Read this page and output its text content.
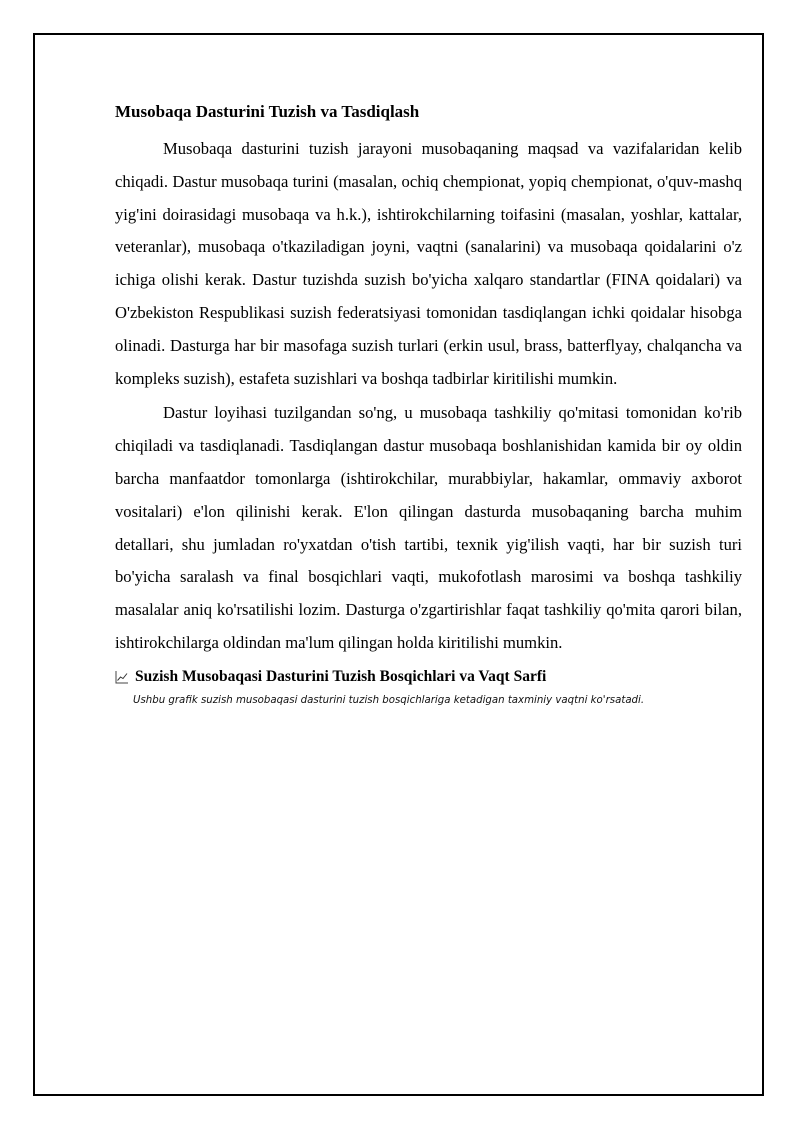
Musobaqa Dasturini Tuzish va Tasdiqlash

Musobaqa dasturini tuzish jarayoni musobaqaning maqsad va vazifalaridan kelib chiqadi. Dastur musobaqa turini (masalan, ochiq chempionat, yopiq chempionat, o'quv-mashq yig'ini doirasidagi musobaqa va h.k.), ishtirokchilarning toifasini (masalan, yoshlar, kattalar, veteranlar), musobaqa o'tkaziladigan joyni, vaqtni (sanalarini) va musobaqa qoidalarini o'z ichiga olishi kerak. Dastur tuzishda suzish bo'yicha xalqaro standartlar (FINA qoidalari) va O'zbekiston Respublikasi suzish federatsiyasi tomonidan tasdiqlangan ichki qoidalar hisobga olinadi. Dasturga har bir masofaga suzish turlari (erkin usul, brass, batterflyay, chalqancha va kompleks suzish), estafeta suzishlari va boshqa tadbirlar kiritilishi mumkin.

Dastur loyihasi tuzilgandan so'ng, u musobaqa tashkiliy qo'mitasi tomonidan ko'rib chiqiladi va tasdiqlanadi. Tasdiqlangan dastur musobaqa boshlanishidan kamida bir oy oldin barcha manfaatdor tomonlarga (ishtirokchilar, murabbiylar, hakamlar, ommaviy axborot vositalari) e'lon qilinishi kerak. E'lon qilingan dasturda musobaqaning barcha muhim detallari, shu jumladan ro'yxatdan o'tish tartibi, texnik yig'ilish vaqti, har bir suzish turi bo'yicha saralash va final bosqichlari vaqti, mukofotlash marosimi va boshqa tashkiliy masalalar aniq ko'rsatilishi lozim. Dasturga o'zgartirishlar faqat tashkiliy qo'mita qarori bilan, ishtirokchilarga oldindan ma'lum qilingan holda kiritilishi mumkin.

Suzish Musobaqasi Dasturini Tuzish Bosqichlari va Vaqt Sarfi
Ushbu grafik suzish musobaqasi dasturini tuzish bosqichlariga ketadigan taxminiy vaqtni ko'rsatadi.
